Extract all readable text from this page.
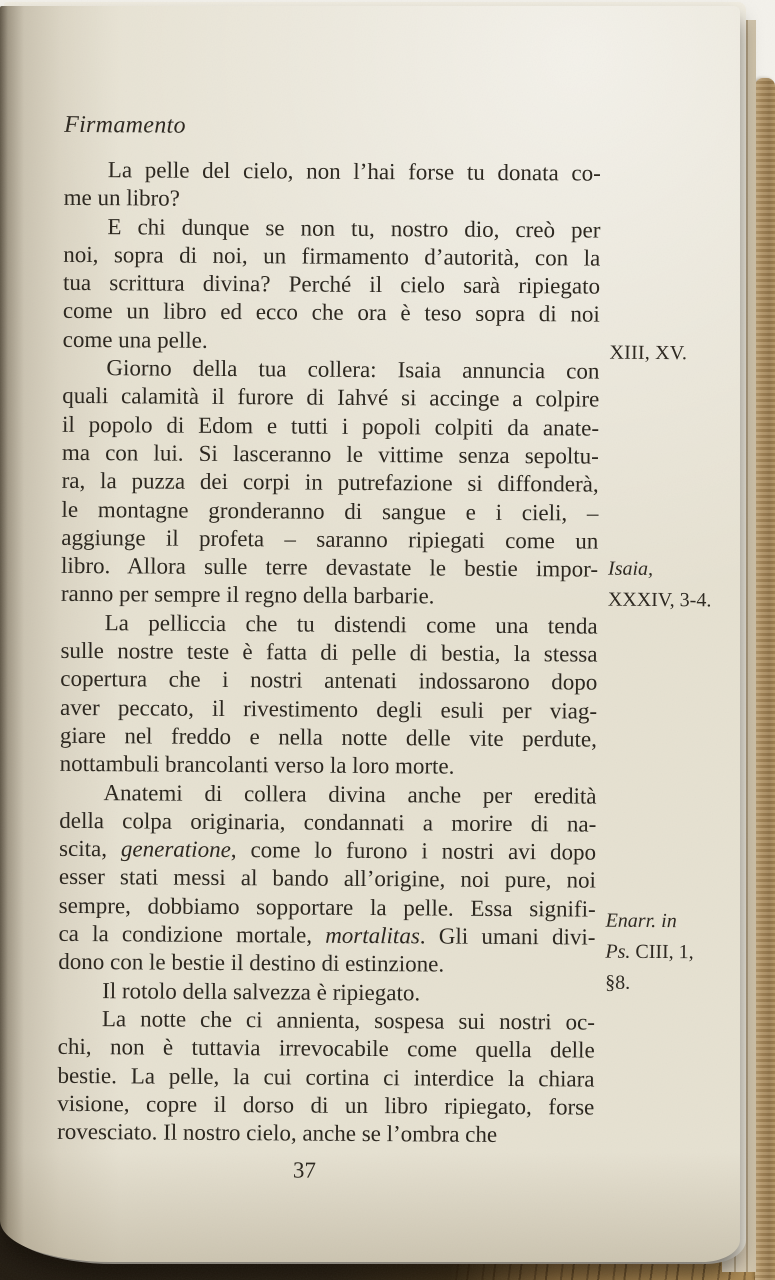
Firmamento
La pelle del cielo, non l’hai forse tu donata co-
me un libro?
E chi dunque se non tu, nostro dio, creò per
noi, sopra di noi, un firmamento d’autorità, con la
tua scrittura divina? Perché il cielo sarà ripiegato
come un libro ed ecco che ora è teso sopra di noi
come una pelle.
Giorno della tua collera: Isaia annuncia con
quali calamità il furore di Iahvé si accinge a colpire
il popolo di Edom e tutti i popoli colpiti da anate-
ma con lui. Si lasceranno le vittime senza sepoltu-
ra, la puzza dei corpi in putrefazione si diffonderà,
le montagne gronderanno di sangue e i cieli, –
aggiunge il profeta – saranno ripiegati come un
libro. Allora sulle terre devastate le bestie impor-
ranno per sempre il regno della barbarie.
La pelliccia che tu distendi come una tenda
sulle nostre teste è fatta di pelle di bestia, la stessa
copertura che i nostri antenati indossarono dopo
aver peccato, il rivestimento degli esuli per viag-
giare nel freddo e nella notte delle vite perdute,
nottambuli brancolanti verso la loro morte.
Anatemi di collera divina anche per eredità
della colpa originaria, condannati a morire di na-
scita, generatione, come lo furono i nostri avi dopo
esser stati messi al bando all’origine, noi pure, noi
sempre, dobbiamo sopportare la pelle. Essa signifi-
ca la condizione mortale, mortalitas. Gli umani divi-
dono con le bestie il destino di estinzione.
Il rotolo della salvezza è ripiegato.
La notte che ci annienta, sospesa sui nostri oc-
chi, non è tuttavia irrevocabile come quella delle
bestie. La pelle, la cui cortina ci interdice la chiara
visione, copre il dorso di un libro ripiegato, forse
rovesciato. Il nostro cielo, anche se l’ombra che
XIII, XV.
Isaia,
XXXIV, 3-4.
Enarr. in
Ps. CIII, 1,
§8.
37
